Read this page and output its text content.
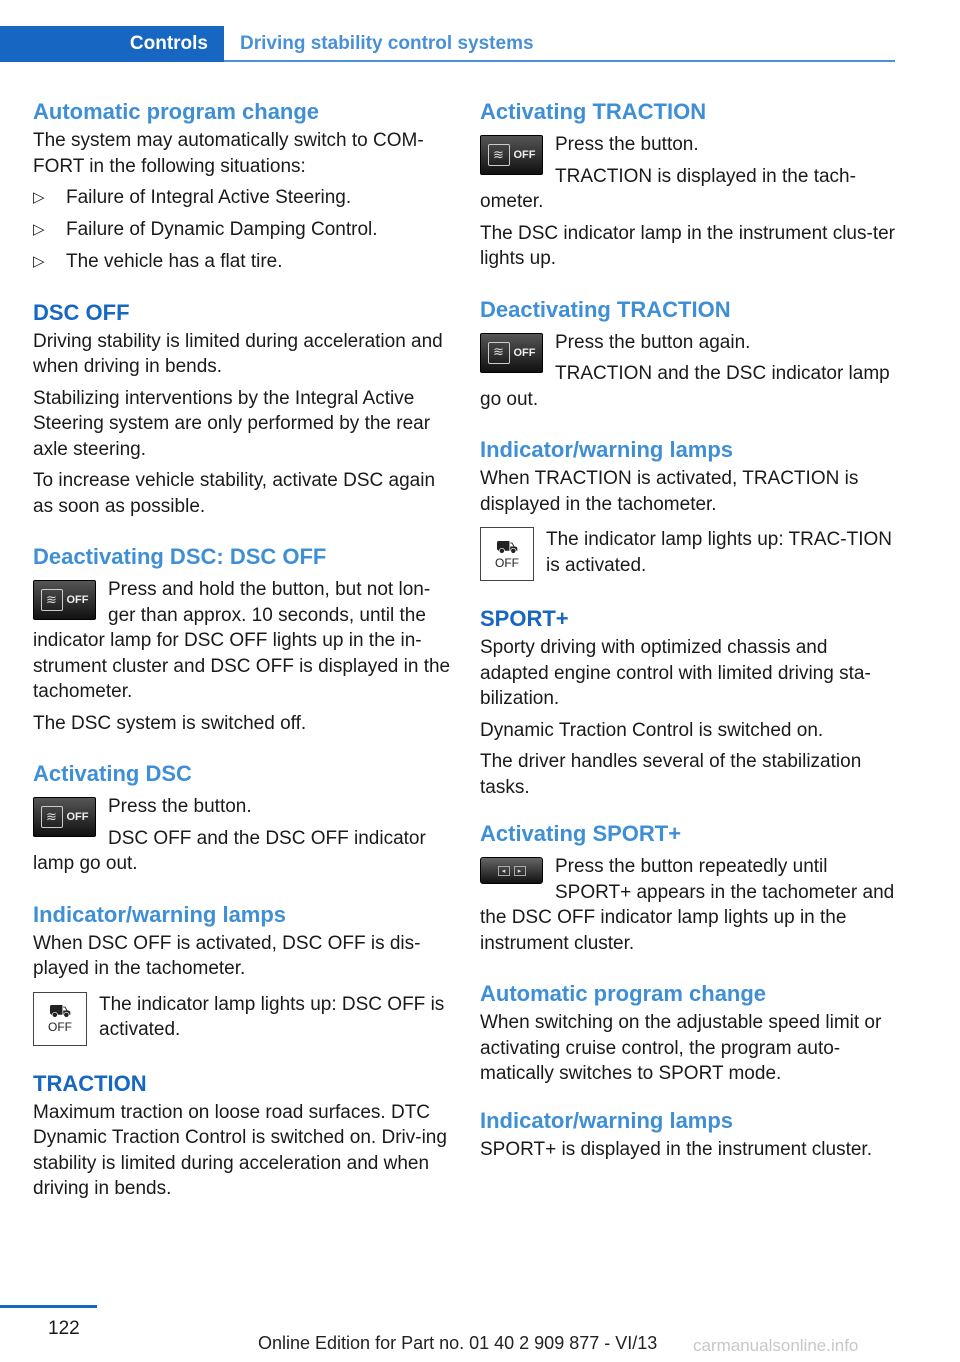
Controls	Driving stability control systems
Automatic program change

The system may automatically switch to COM‐FORT in the following situations:

▷ Failure of Integral Active Steering.
▷ Failure of Dynamic Damping Control.
▷ The vehicle has a flat tire.
DSC OFF

Driving stability is limited during acceleration and when driving in bends.

Stabilizing interventions by the Integral Active Steering system are only performed by the rear axle steering.

To increase vehicle stability, activate DSC again as soon as possible.

Deactivating DSC: DSC OFF
≋ OFF	Press and hold the button, but not lon‐ger than approx. 10 seconds, until the indicator lamp for DSC OFF lights up in the in‐strument cluster and DSC OFF is displayed in the tachometer.

The DSC system is switched off.

Activating DSC
≋ OFF	Press the button.

DSC OFF and the DSC OFF indicator lamp go out.

Indicator/warning lamps

When DSC OFF is activated, DSC OFF is dis‐played in the tachometer.

⛟
OFF

The indicator lamp lights up: DSC OFF is activated.

TRACTION

Maximum traction on loose road surfaces. DTC Dynamic Traction Control is switched on. Driv‐ing stability is limited during acceleration and when driving in bends.

Activating TRACTION
≋ OFF	Press the button.

TRACTION is displayed in the tach‐ometer.

The DSC indicator lamp in the instrument clus‐ter lights up.

Deactivating TRACTION
≋ OFF	Press the button again.

TRACTION and the DSC indicator lamp go out.

Indicator/warning lamps

When TRACTION is activated, TRACTION is displayed in the tachometer.

⛟
OFF

The indicator lamp lights up: TRAC‐TION is activated.

SPORT+

Sporty driving with optimized chassis and adapted engine control with limited driving sta‐bilization.

Dynamic Traction Control is switched on.

The driver handles several of the stabilization tasks.

Activating SPORT+
◂	▸	Press the button repeatedly until SPORT+ appears in the tachometer and the DSC OFF indicator lamp lights up in the instrument cluster.

Automatic program change

When switching on the adjustable speed limit or activating cruise control, the program auto‐matically switches to SPORT mode.

Indicator/warning lamps

SPORT+ is displayed in the instrument cluster.

122
Online Edition for Part no. 01 40 2 909 877 - VI/13 carmanualsonline.info
